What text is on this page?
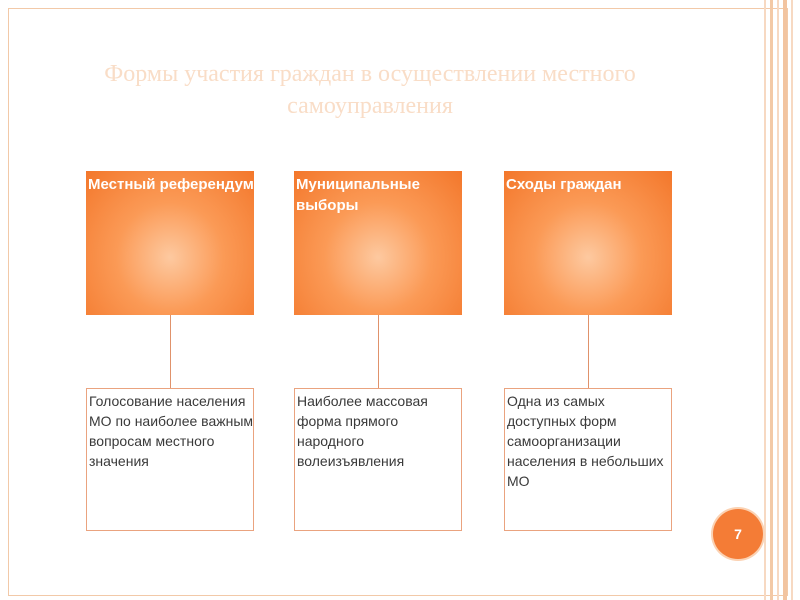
Формы участия граждан в осуществлении местного самоуправления
Местный референдум
Голосование населения МО по наиболее важным вопросам местного значения
Муниципальные выборы
Наиболее массовая форма прямого народного волеизъявления
Сходы граждан
Одна из самых доступных форм самоорганизации населения в небольших МО
7
